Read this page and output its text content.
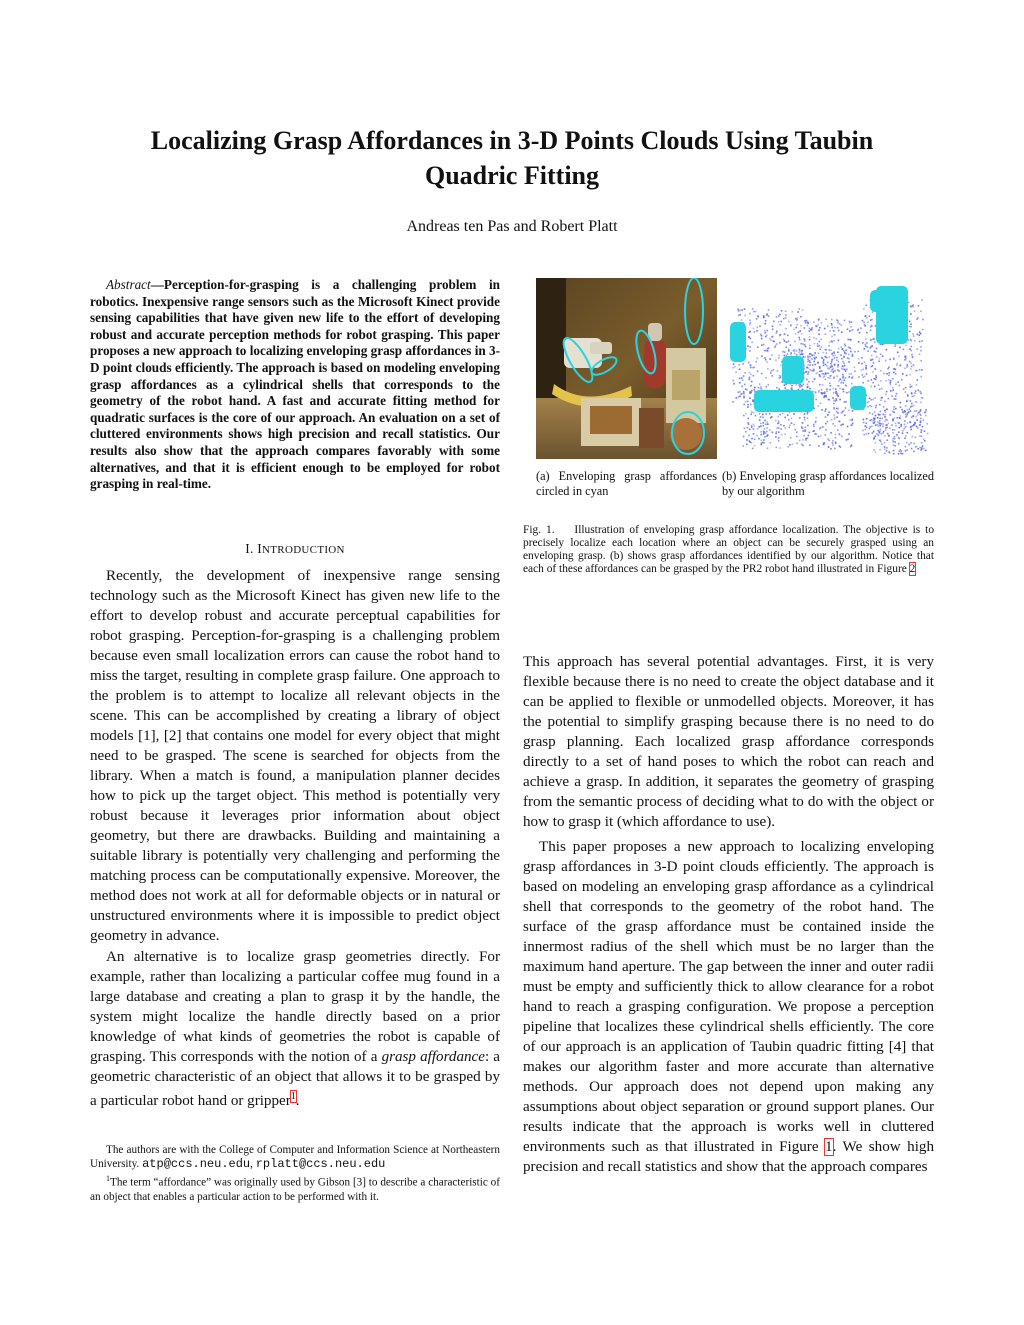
Localizing Grasp Affordances in 3-D Points Clouds Using Taubin Quadric Fitting
Andreas ten Pas and Robert Platt
Abstract—Perception-for-grasping is a challenging problem in robotics. Inexpensive range sensors such as the Microsoft Kinect provide sensing capabilities that have given new life to the effort of developing robust and accurate perception methods for robot grasping. This paper proposes a new approach to localizing enveloping grasp affordances in 3-D point clouds efficiently. The approach is based on modeling enveloping grasp affordances as a cylindrical shells that corresponds to the geometry of the robot hand. A fast and accurate fitting method for quadratic surfaces is the core of our approach. An evaluation on a set of cluttered environments shows high precision and recall statistics. Our results also show that the approach compares favorably with some alternatives, and that it is efficient enough to be employed for robot grasping in real-time.
I. INTRODUCTION

Recently, the development of inexpensive range sensing technology such as the Microsoft Kinect has given new life to the effort to develop robust and accurate perceptual capabilities for robot grasping. Perception-for-grasping is a challenging problem because even small localization errors can cause the robot hand to miss the target, resulting in complete grasp failure. One approach to the problem is to attempt to localize all relevant objects in the scene. This can be accomplished by creating a library of object models [1], [2] that contains one model for every object that might need to be grasped. The scene is searched for objects from the library. When a match is found, a manipulation planner decides how to pick up the target object. This method is potentially very robust because it leverages prior information about object geometry, but there are drawbacks. Building and maintaining a suitable library is potentially very challenging and performing the matching process can be computationally expensive. Moreover, the method does not work at all for deformable objects or in natural or unstructured environments where it is impossible to predict object geometry in advance.

An alternative is to localize grasp geometries directly. For example, rather than localizing a particular coffee mug found in a large database and creating a plan to grasp it by the handle, the system might localize the handle directly based on a prior knowledge of what kinds of geometries the robot is capable of grasping. This corresponds with the notion of a grasp affordance: a geometric characteristic of an object that allows it to be grasped by a particular robot hand or gripper$^1$.

The authors are with the College of Computer and Information Science at Northeastern University. atp@ccs.neu.edu, rplatt@ccs.neu.edu

$^1$The term “affordance” was originally used by Gibson [3] to describe a characteristic of an object that enables a particular action to be performed with it.

(a) Enveloping grasp affordances circled in cyan
(b) Enveloping grasp affordances localized by our algorithm
Fig. 1. Illustration of enveloping grasp affordance localization. The objective is to precisely localize each location where an object can be securely grasped using an enveloping grasp. (b) shows grasp affordances identified by our algorithm. Notice that each of these affordances can be grasped by the PR2 robot hand illustrated in Figure 2

This approach has several potential advantages. First, it is very flexible because there is no need to create the object database and it can be applied to flexible or unmodelled objects. Moreover, it has the potential to simplify grasping because there is no need to do grasp planning. Each localized grasp affordance corresponds directly to a set of hand poses to which the robot can reach and achieve a grasp. In addition, it separates the geometry of grasping from the semantic process of deciding what to do with the object or how to grasp it (which affordance to use).

This paper proposes a new approach to localizing enveloping grasp affordances in 3-D point clouds efficiently. The approach is based on modeling an enveloping grasp affordance as a cylindrical shell that corresponds to the geometry of the robot hand. The surface of the grasp affordance must be contained inside the innermost radius of the shell which must be no larger than the maximum hand aperture. The gap between the inner and outer radii must be empty and sufficiently thick to allow clearance for a robot hand to reach a grasping configuration. We propose a perception pipeline that localizes these cylindrical shells efficiently. The core of our approach is an application of Taubin quadric fitting [4] that makes our algorithm faster and more accurate than alternative methods. Our approach does not depend upon making any assumptions about object separation or ground support planes. Our results indicate that the approach is works well in cluttered environments such as that illustrated in Figure 1. We show high precision and recall statistics and show that the approach compares
